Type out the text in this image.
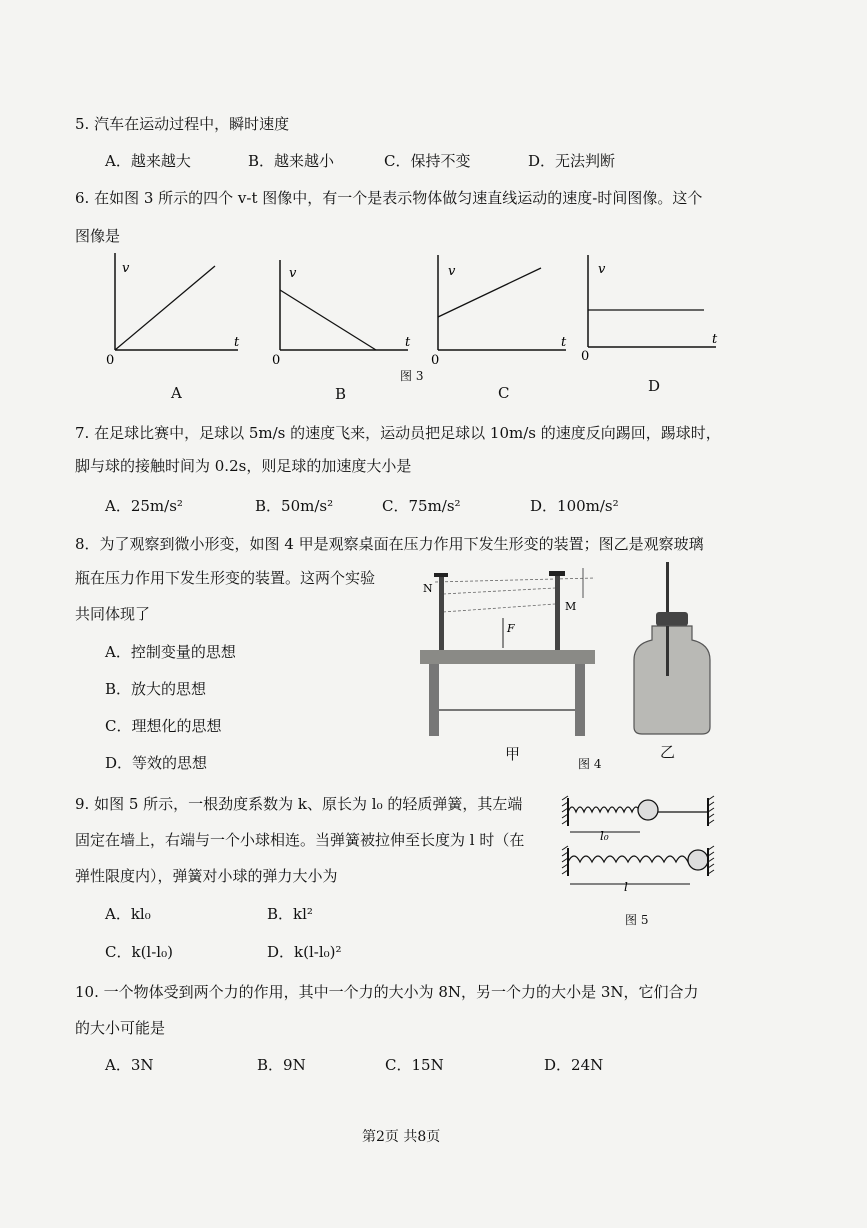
5. 汽车在运动过程中，瞬时速度
A．越来越大	B．越来越小	C．保持不变	D．无法判断
6. 在如图 3 所示的四个 v-t 图像中，有一个是表示物体做匀速直线运动的速度-时间图像。这个
图像是
v
t
0
A
v
t
0
B
v
t
0
图 3
C
v
t
0
D
7. 在足球比赛中，足球以 5m/s 的速度飞来，运动员把足球以 10m/s 的速度反向踢回，踢球时，
脚与球的接触时间为 0.2s，则足球的加速度大小是
A．25m/s²	B．50m/s²	C．75m/s²	D．100m/s²
8．为了观察到微小形变，如图 4 甲是观察桌面在压力作用下发生形变的装置；图乙是观察玻璃
瓶在压力作用下发生形变的装置。这两个实验
共同体现了
A．控制变量的思想
B．放大的思想
C．理想化的思想
D．等效的思想
N
M
F
甲
图 4
乙
9. 如图 5 所示，一根劲度系数为 k、原长为 l₀ 的轻质弹簧，其左端
固定在墙上，右端与一个小球相连。当弹簧被拉伸至长度为 l 时（在
弹性限度内），弹簧对小球的弹力大小为
A．kl₀	B．kl²
C．k(l-l₀)	D．k(l-l₀)²
l₀
l
图 5
10. 一个物体受到两个力的作用，其中一个力的大小为 8N，另一个力的大小是 3N，它们合力
的大小可能是
A．3N	B．9N	C．15N	D．24N
第2页 共8页
